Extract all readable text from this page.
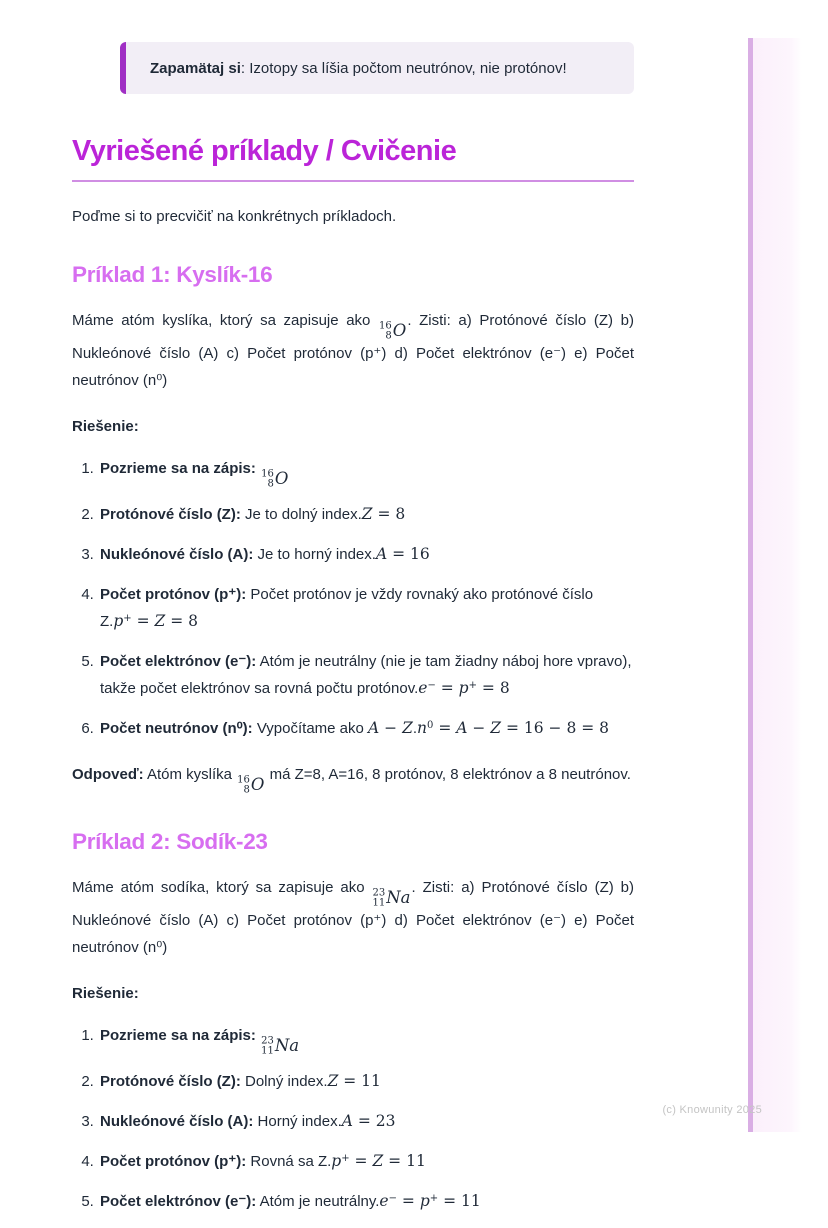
Zapamätaj si: Izotopy sa líšia počtom neutrónov, nie protónov!
Vyriešené príklady / Cvičenie

Poďme si to precvičiť na konkrétnych príkladoch.

Príklad 1: Kyslík-16

Máme atóm kyslíka, ktorý sa zapisuje ako 16
8 O
. Zisti: a) Protónové číslo (Z) b) Nukleónové číslo (A) c) Počet protónov (p⁺) d) Počet elektrónov (e⁻) e) Počet neutrónov (n⁰)

Riešenie:

1. Pozrieme sa na zápis: 16
8 O
2. Protónové číslo (Z): Je to dolný index.Z = 8
3. Nukleónové číslo (A): Je to horný index.A = 16
4. Počet protónov (p⁺): Počet protónov je vždy rovnaký ako protónové číslo Z.p+ = Z = 8
5. Počet elektrónov (e⁻): Atóm je neutrálny (nie je tam žiadny náboj hore vpravo), takže počet elektrónov sa rovná počtu protónov.e− = p+ = 8
6. Počet neutrónov (n⁰): Vypočítame ako $A - Z.n^0 = A - Z = 16 - 8 = 8$

Odpoveď: Atóm kyslíka 16
8 O
má Z=8, A=16, 8 protónov, 8 elektrónov a 8 neutrónov.

Príklad 2: Sodík-23

Máme atóm sodíka, ktorý sa zapisuje ako 23
11 Na
. Zisti: a) Protónové číslo (Z) b) Nukleónové číslo (A) c) Počet protónov (p⁺) d) Počet elektrónov (e⁻) e) Počet neutrónov (n⁰)

Riešenie:

1. Pozrieme sa na zápis: 23
11 Na
2. Protónové číslo (Z): Dolný index.Z = 11
3. Nukleónové číslo (A): Horný index.A = 23
4. Počet protónov (p⁺): Rovná sa Z.p+ = Z = 11
5. Počet elektrónov (e⁻): Atóm je neutrálny.e− = p+ = 11
(c) Knowunity 2025
